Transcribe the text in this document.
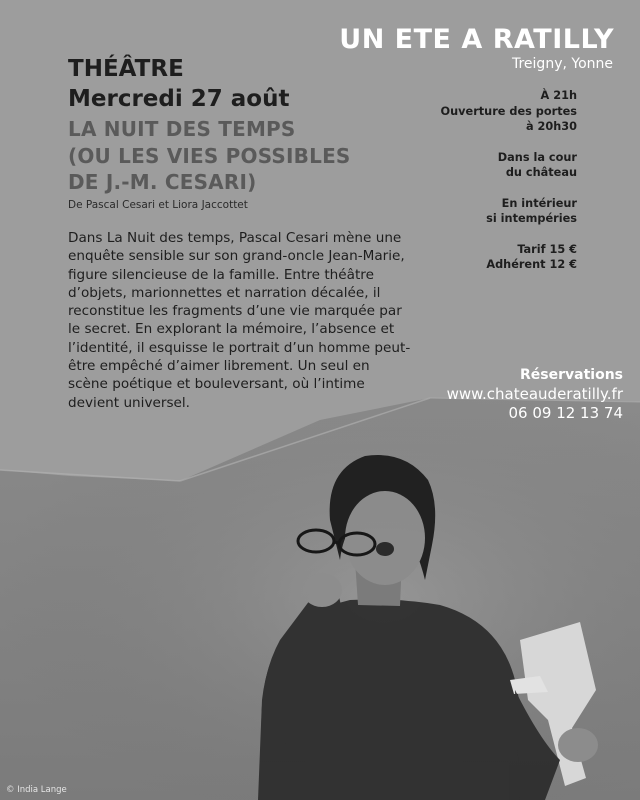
UN ETE A RATILLY
Treigny, Yonne
THÉÂTRE
Mercredi 27 août
LA NUIT DES TEMPS
(OU LES VIES POSSIBLES
DE J.-M. CESARI)
De Pascal Cesari et Liora Jaccottet
Dans La Nuit des temps, Pascal Cesari mène une
enquête sensible sur son grand-oncle Jean-Marie,
figure silencieuse de la famille. Entre théâtre
d’objets, marionnettes et narration décalée, il
reconstitue les fragments d’une vie marquée par
le secret. En explorant la mémoire, l’absence et
l’identité, il esquisse le portrait d’un homme peut-
être empêché d’aimer librement. Un seul en
scène poétique et bouleversant, où l’intime
devient universel.
À 21h
Ouverture des portes
à 20h30
Dans la cour
du château
En intérieur
si intempéries
Tarif 15 €
Adhérent 12 €
Réservations
www.chateauderatilly.fr
06 09 12 13 74
© India Lange
